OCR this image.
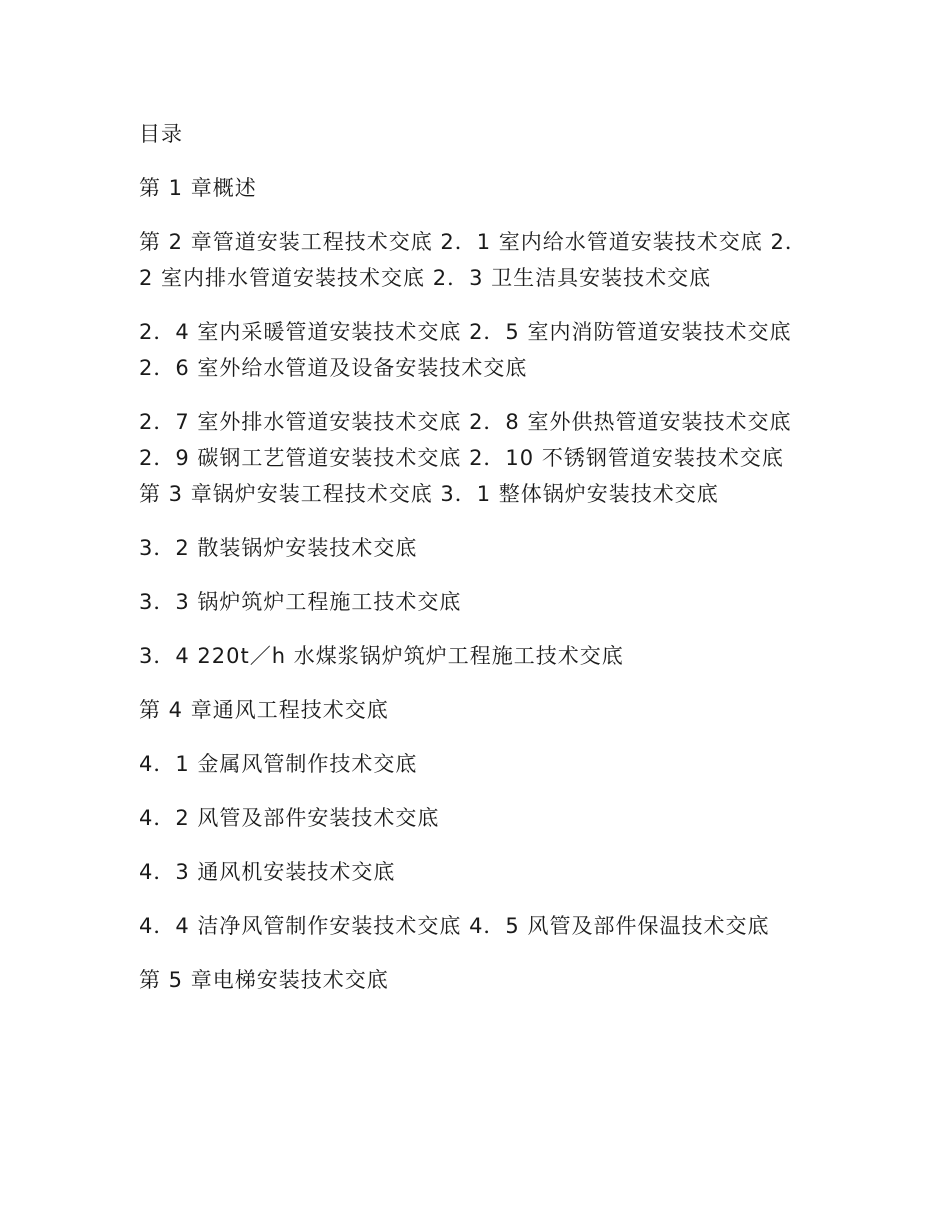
目录

第 1 章概述

第 2 章管道安装工程技术交底 2．1 室内给水管道安装技术交底 2．2 室内排水管道安装技术交底 2．3 卫生洁具安装技术交底

2．4 室内采暖管道安装技术交底 2．5 室内消防管道安装技术交底 2．6 室外给水管道及设备安装技术交底

2．7 室外排水管道安装技术交底 2．8 室外供热管道安装技术交底 2．9 碳钢工艺管道安装技术交底 2．10 不锈钢管道安装技术交底 第 3 章锅炉安装工程技术交底 3．1 整体锅炉安装技术交底

3．2 散装锅炉安装技术交底

3．3 锅炉筑炉工程施工技术交底

3．4 220t／h 水煤浆锅炉筑炉工程施工技术交底

第 4 章通风工程技术交底

4．1 金属风管制作技术交底

4．2 风管及部件安装技术交底

4．3 通风机安装技术交底

4．4 洁净风管制作安装技术交底 4．5 风管及部件保温技术交底

第 5 章电梯安装技术交底
